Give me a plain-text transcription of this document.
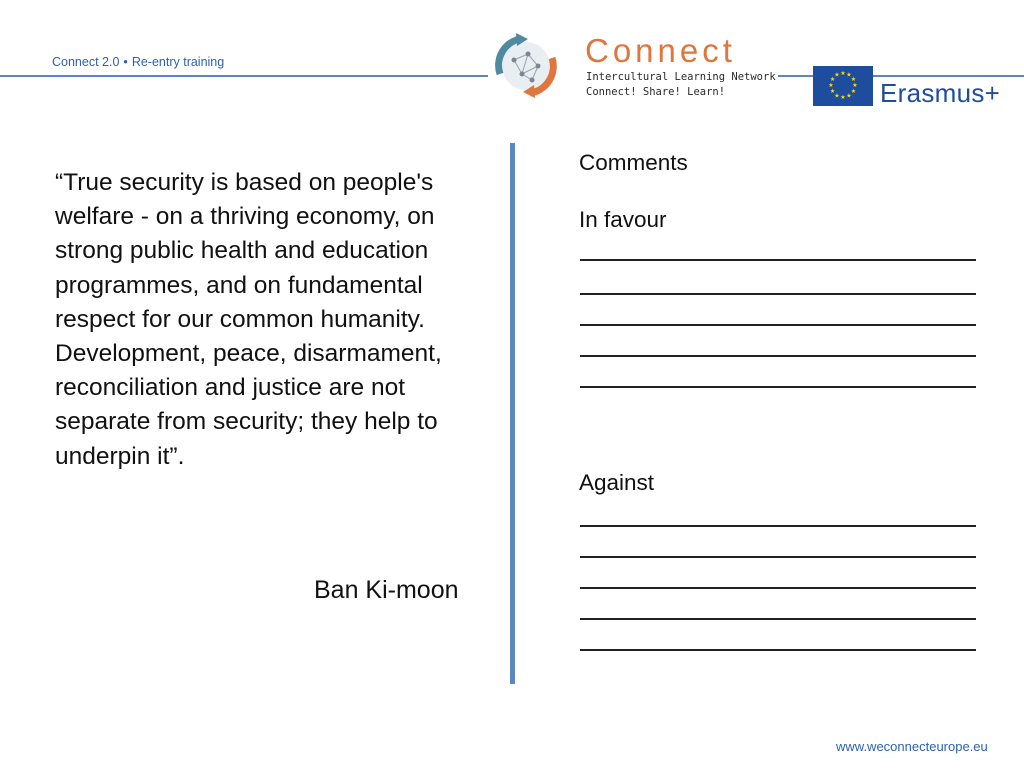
Connect 2.0 • Re-entry training	Connect
Intercultural Learning Network
Connect! Share! Learn!
★ ★
★
★
★
★
★
★
★
★
★
★
Erasmus+
“True security is based on people's welfare - on a thriving economy, on strong public health and education programmes, and on fundamental respect for our common humanity. Development, peace, disarmament, reconciliation and justice are not separate from security; they help to underpin it”.
Ban Ki-moon
Comments
In favour
Against
www.weconnecteurope.eu
